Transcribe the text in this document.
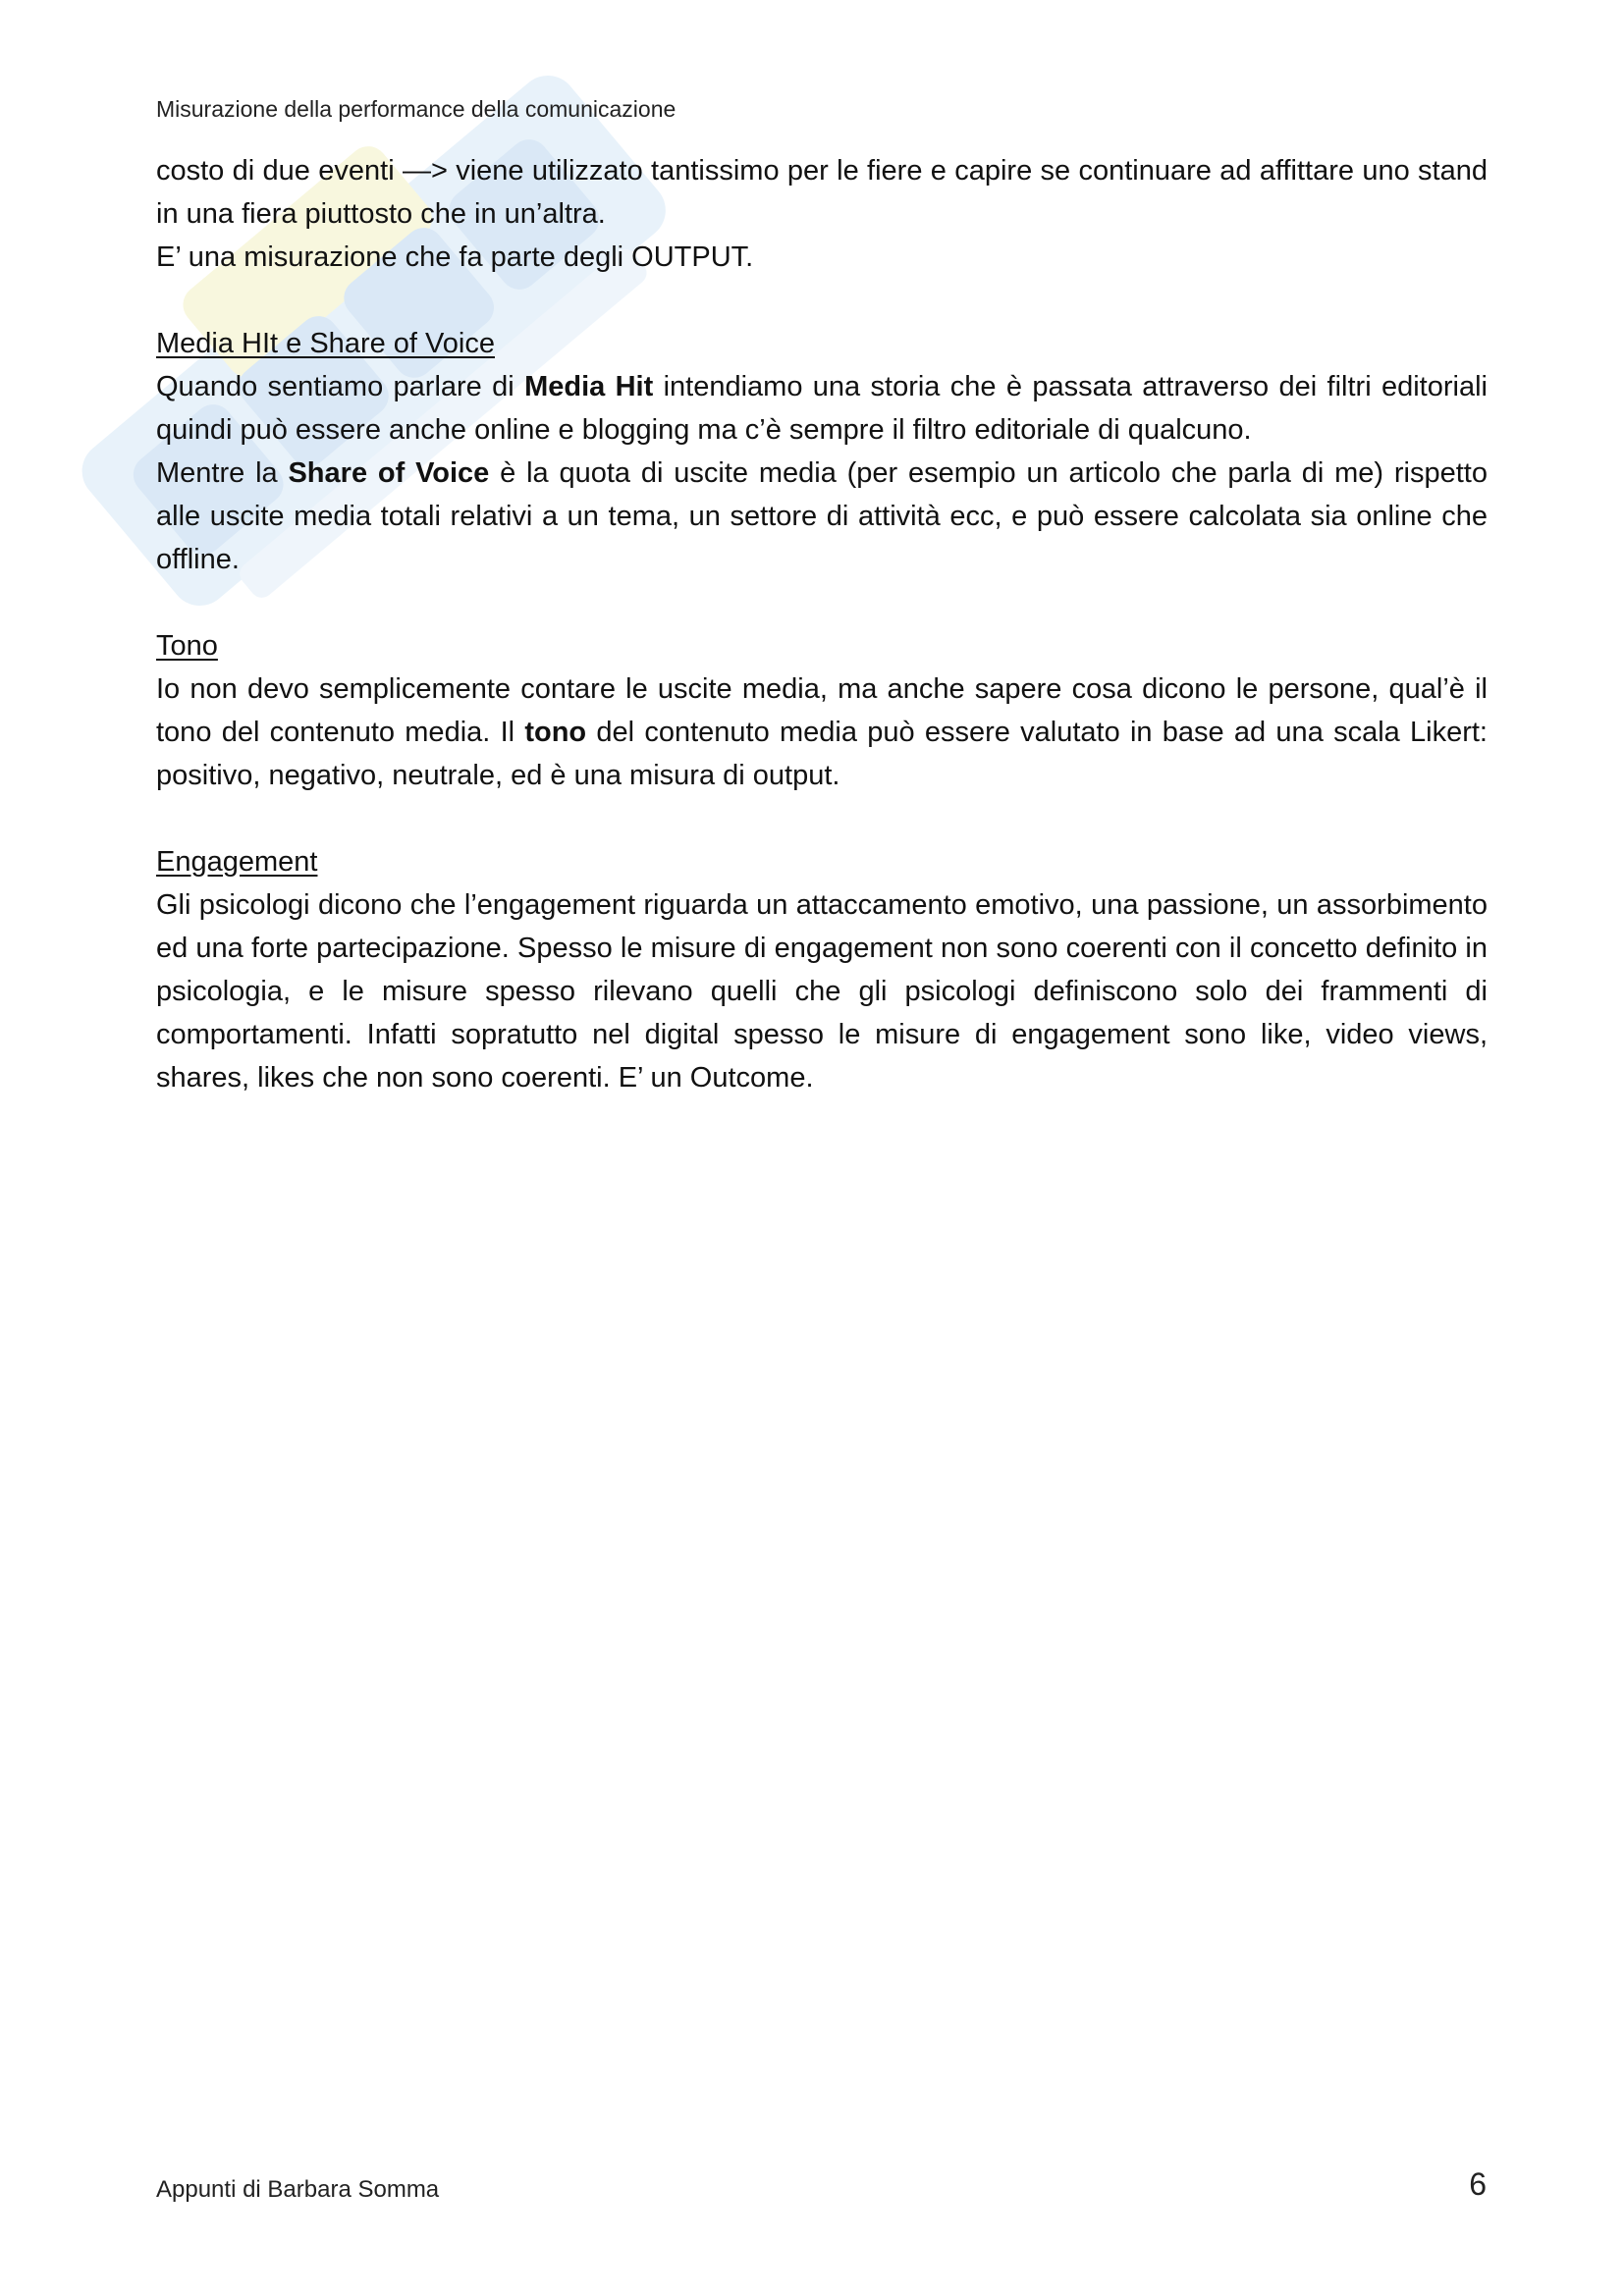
Misurazione della performance della comunicazione

costo di due eventi —> viene utilizzato tantissimo per le fiere e capire se continuare ad affittare uno stand in una fiera piuttosto che in un’altra.

E’ una misurazione che fa parte degli OUTPUT.

Media HIt e Share of Voice

Quando sentiamo parlare di Media Hit intendiamo una storia che è passata attraverso dei filtri editoriali quindi può essere anche online e blogging ma c’è sempre il filtro editoriale di qualcuno.

Mentre la Share of Voice è la quota di uscite media (per esempio un articolo che parla di me) rispetto alle uscite media totali relativi a un tema, un settore di attività ecc, e può essere calcolata sia online che offline.

Tono

Io non devo semplicemente contare le uscite media, ma anche sapere cosa dicono le persone, qual’è il tono del contenuto media. Il tono del contenuto media può essere valutato in base ad una scala Likert: positivo, negativo, neutrale, ed è una misura di output.

Engagement

Gli psicologi dicono che l’engagement riguarda un attaccamento emotivo, una passione, un assorbimento ed una forte partecipazione. Spesso le misure di engagement non sono coerenti con il concetto definito in psicologia, e le misure spesso rilevano quelli che gli psicologi definiscono solo dei frammenti di comportamenti. Infatti sopratutto nel digital spesso le misure di engagement sono like, video views, shares, likes che non sono coerenti. E’ un Outcome.

Appunti di Barbara Somma	6
